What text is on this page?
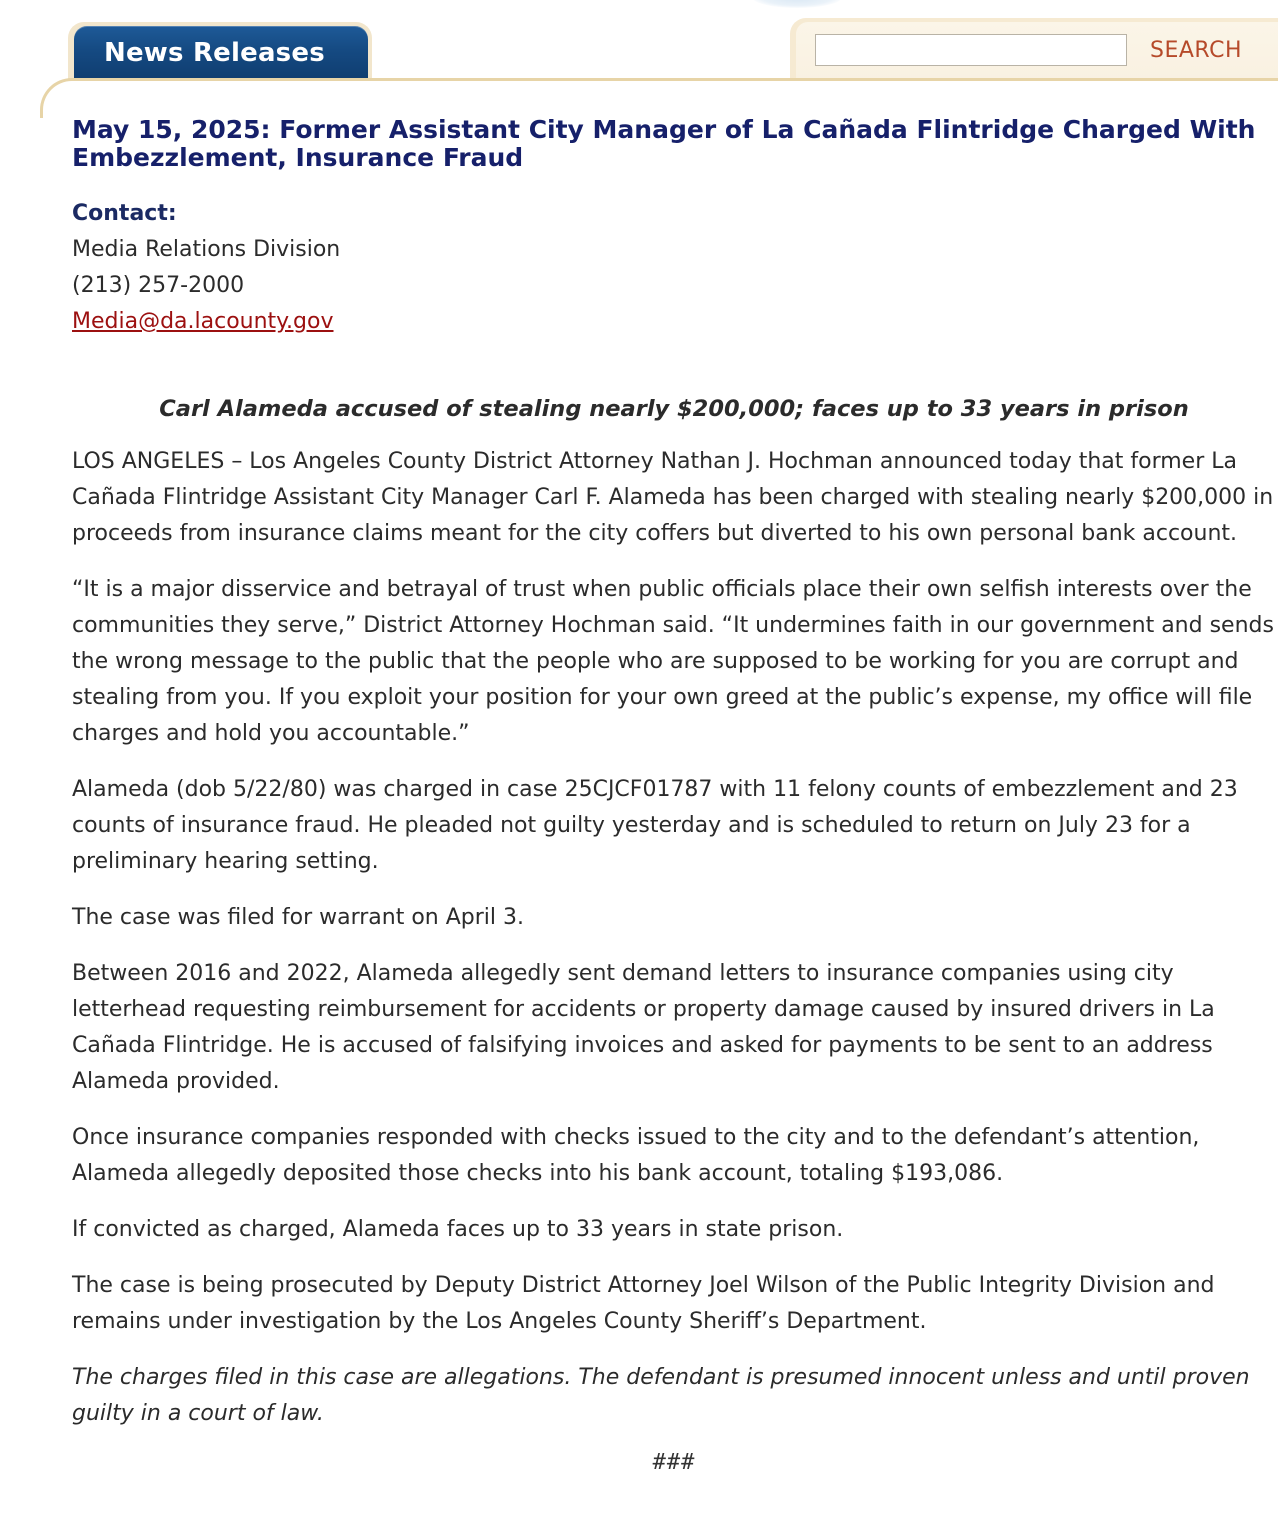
News Releases	SEARCH
May 15, 2025: Former Assistant City Manager of La Cañada Flintridge Charged With Embezzlement, Insurance Fraud
Contact:
Media Relations Division
(213) 257-2000
Media@da.lacounty.gov
Carl Alameda accused of stealing nearly $200,000; faces up to 33 years in prison

LOS ANGELES – Los Angeles County District Attorney Nathan J. Hochman announced today that former La Cañada Flintridge Assistant City Manager Carl F. Alameda has been charged with stealing nearly $200,000 in proceeds from insurance claims meant for the city coffers but diverted to his own personal bank account.

“It is a major disservice and betrayal of trust when public officials place their own selfish interests over the communities they serve,” District Attorney Hochman said. “It undermines faith in our government and sends the wrong message to the public that the people who are supposed to be working for you are corrupt and stealing from you. If you exploit your position for your own greed at the public’s expense, my office will file charges and hold you accountable.”

Alameda (dob 5/22/80) was charged in case 25CJCF01787 with 11 felony counts of embezzlement and 23 counts of insurance fraud. He pleaded not guilty yesterday and is scheduled to return on July 23 for a preliminary hearing setting.

The case was filed for warrant on April 3.

Between 2016 and 2022, Alameda allegedly sent demand letters to insurance companies using city letterhead requesting reimbursement for accidents or property damage caused by insured drivers in La Cañada Flintridge. He is accused of falsifying invoices and asked for payments to be sent to an address Alameda provided.

Once insurance companies responded with checks issued to the city and to the defendant’s attention, Alameda allegedly deposited those checks into his bank account, totaling $193,086.

If convicted as charged, Alameda faces up to 33 years in state prison.

The case is being prosecuted by Deputy District Attorney Joel Wilson of the Public Integrity Division and remains under investigation by the Los Angeles County Sheriff’s Department.

The charges filed in this case are allegations. The defendant is presumed innocent unless and until proven guilty in a court of law.

###
